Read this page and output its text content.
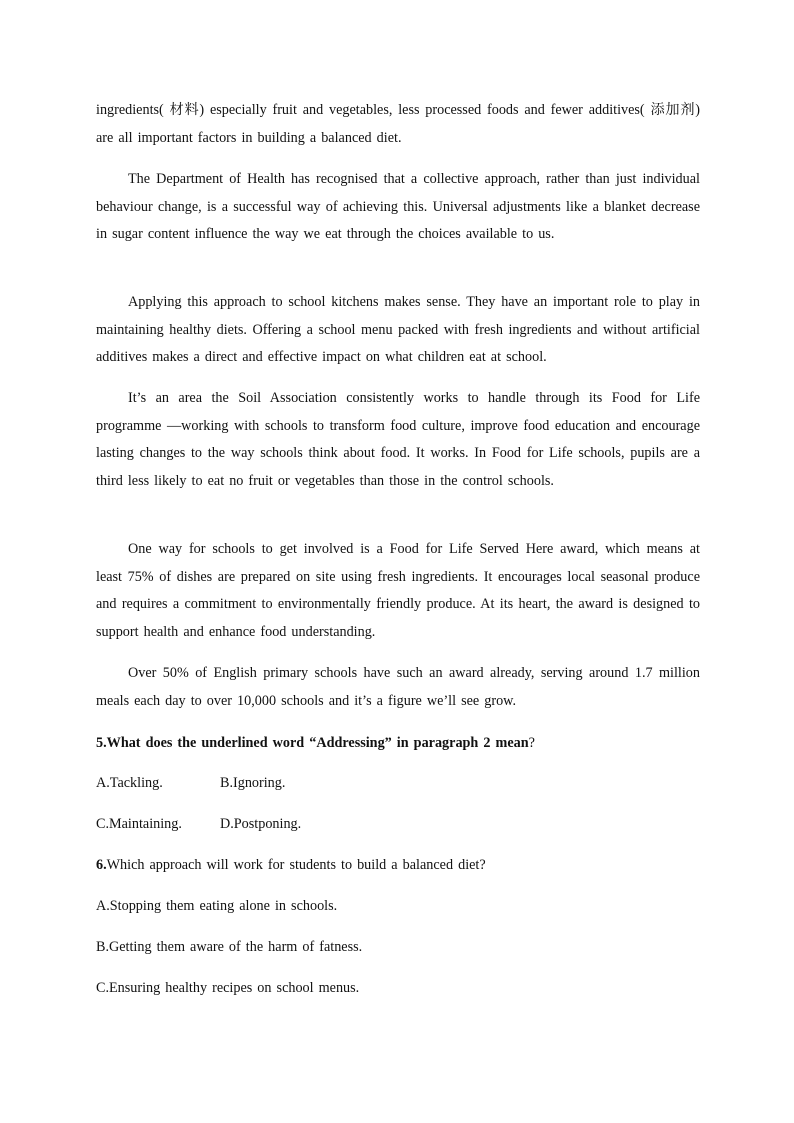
ingredients( 材料) especially fruit and vegetables, less processed foods and fewer additives( 添加剂) are all important factors in building a balanced diet.

The Department of Health has recognised that a collective approach, rather than just individual behaviour change, is a successful way of achieving this. Universal adjustments like a blanket decrease in sugar content influence the way we eat through the choices available to us.

Applying this approach to school kitchens makes sense. They have an important role to play in maintaining healthy diets. Offering a school menu packed with fresh ingredients and without artificial additives makes a direct and effective impact on what children eat at school.

It’s an area the Soil Association consistently works to handle through its Food for Life programme —working with schools to transform food culture, improve food education and encourage lasting changes to the way schools think about food. It works. In Food for Life schools, pupils are a third less likely to eat no fruit or vegetables than those in the control schools.

One way for schools to get involved is a Food for Life Served Here award, which means at least 75% of dishes are prepared on site using fresh ingredients. It encourages local seasonal produce and requires a commitment to environmentally friendly produce. At its heart, the award is designed to support health and enhance food understanding.

Over 50% of English primary schools have such an award already, serving around 1.7 million meals each day to over 10,000 schools and it’s a figure we’ll see grow.

5.What does the underlined word “Addressing” in paragraph 2 mean?
A.Tackling.	B.Ignoring.
C.Maintaining.	D.Postponing.
6.Which approach will work for students to build a balanced diet?
A.Stopping them eating alone in schools.
B.Getting them aware of the harm of fatness.
C.Ensuring healthy recipes on school menus.
